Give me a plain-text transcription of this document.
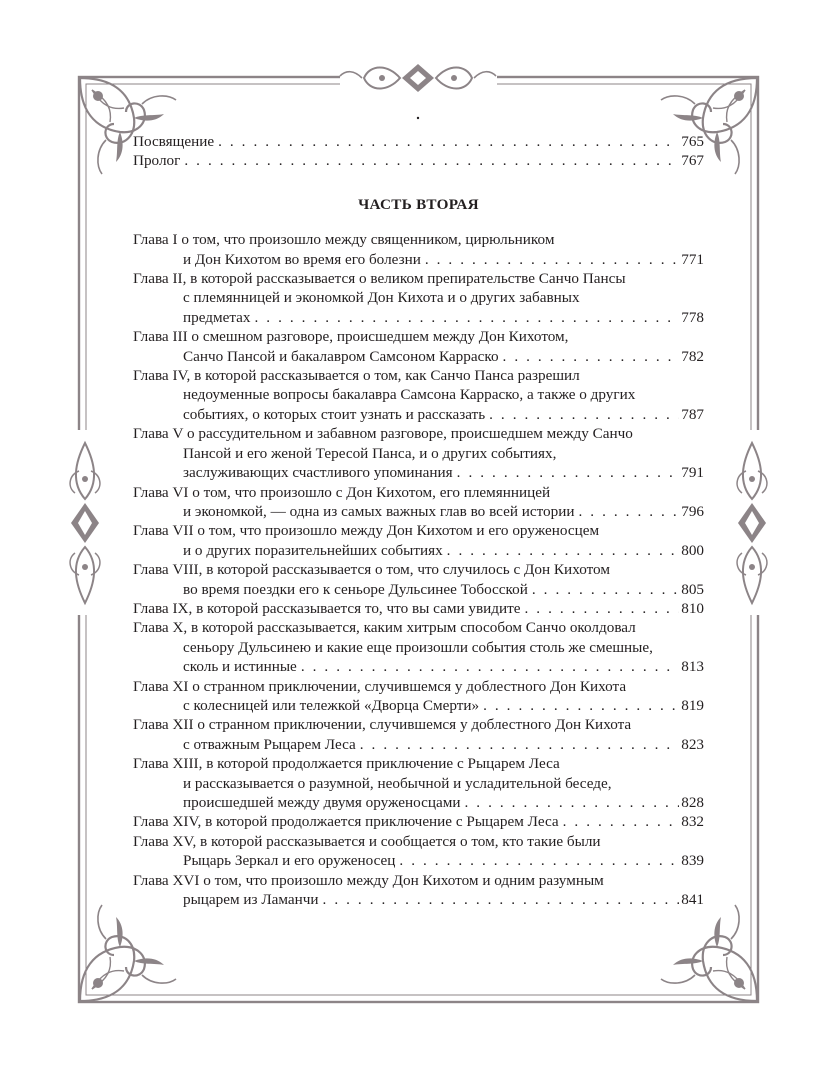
Посвящение . . .	765
Пролог . . .	767
ЧАСТЬ ВТОРАЯ
Глава I о том, что произошло между священником, цирюльником
и Дон Кихотом во время его болезни . . .	771
Глава II, в которой рассказывается о великом препирательстве Санчо Пансы
с племянницей и экономкой Дон Кихота и о других забавных
предметах . . .	778
Глава III о смешном разговоре, происшедшем между Дон Кихотом,
Санчо Пансой и бакалавром Самсоном Карраско . . .	782
Глава IV, в которой рассказывается о том, как Санчо Панса разрешил
недоуменные вопросы бакалавра Самсона Карраско, а также о других
событиях, о которых стоит узнать и рассказать . . .	787
Глава V о рассудительном и забавном разговоре, происшедшем между Санчо
Пансой и его женой Тересой Панса, и о других событиях,
заслуживающих счастливого упоминания . . .	791
Глава VI о том, что произошло с Дон Кихотом, его племянницей
и экономкой, — одна из самых важных глав во всей истории . . .	796
Глава VII о том, что произошло между Дон Кихотом и его оруженосцем
и о других поразительнейших событиях . . .	800
Глава VIII, в которой рассказывается о том, что случилось с Дон Кихотом
во время поездки его к сеньоре Дульсинее Тобосской . . .	805
Глава IX, в которой рассказывается то, что вы сами увидите . . .	810
Глава X, в которой рассказывается, каким хитрым способом Санчо околдовал
сеньору Дульсинею и какие еще произошли события столь же смешные,
сколь и истинные . . .	813
Глава XI о странном приключении, случившемся у доблестного Дон Кихота
с колесницей или тележкой «Дворца Смерти» . . .	819
Глава XII о странном приключении, случившемся у доблестного Дон Кихота
с отважным Рыцарем Леса . . .	823
Глава XIII, в которой продолжается приключение с Рыцарем Леса
и рассказывается о разумной, необычной и усладительной беседе,
происшедшей между двумя оруженосцами . . .	828
Глава XIV, в которой продолжается приключение с Рыцарем Леса . . .	832
Глава XV, в которой рассказывается и сообщается о том, кто такие были
Рыцарь Зеркал и его оруженосец . . .	839
Глава XVI о том, что произошло между Дон Кихотом и одним разумным
рыцарем из Ламанчи . . .	841
